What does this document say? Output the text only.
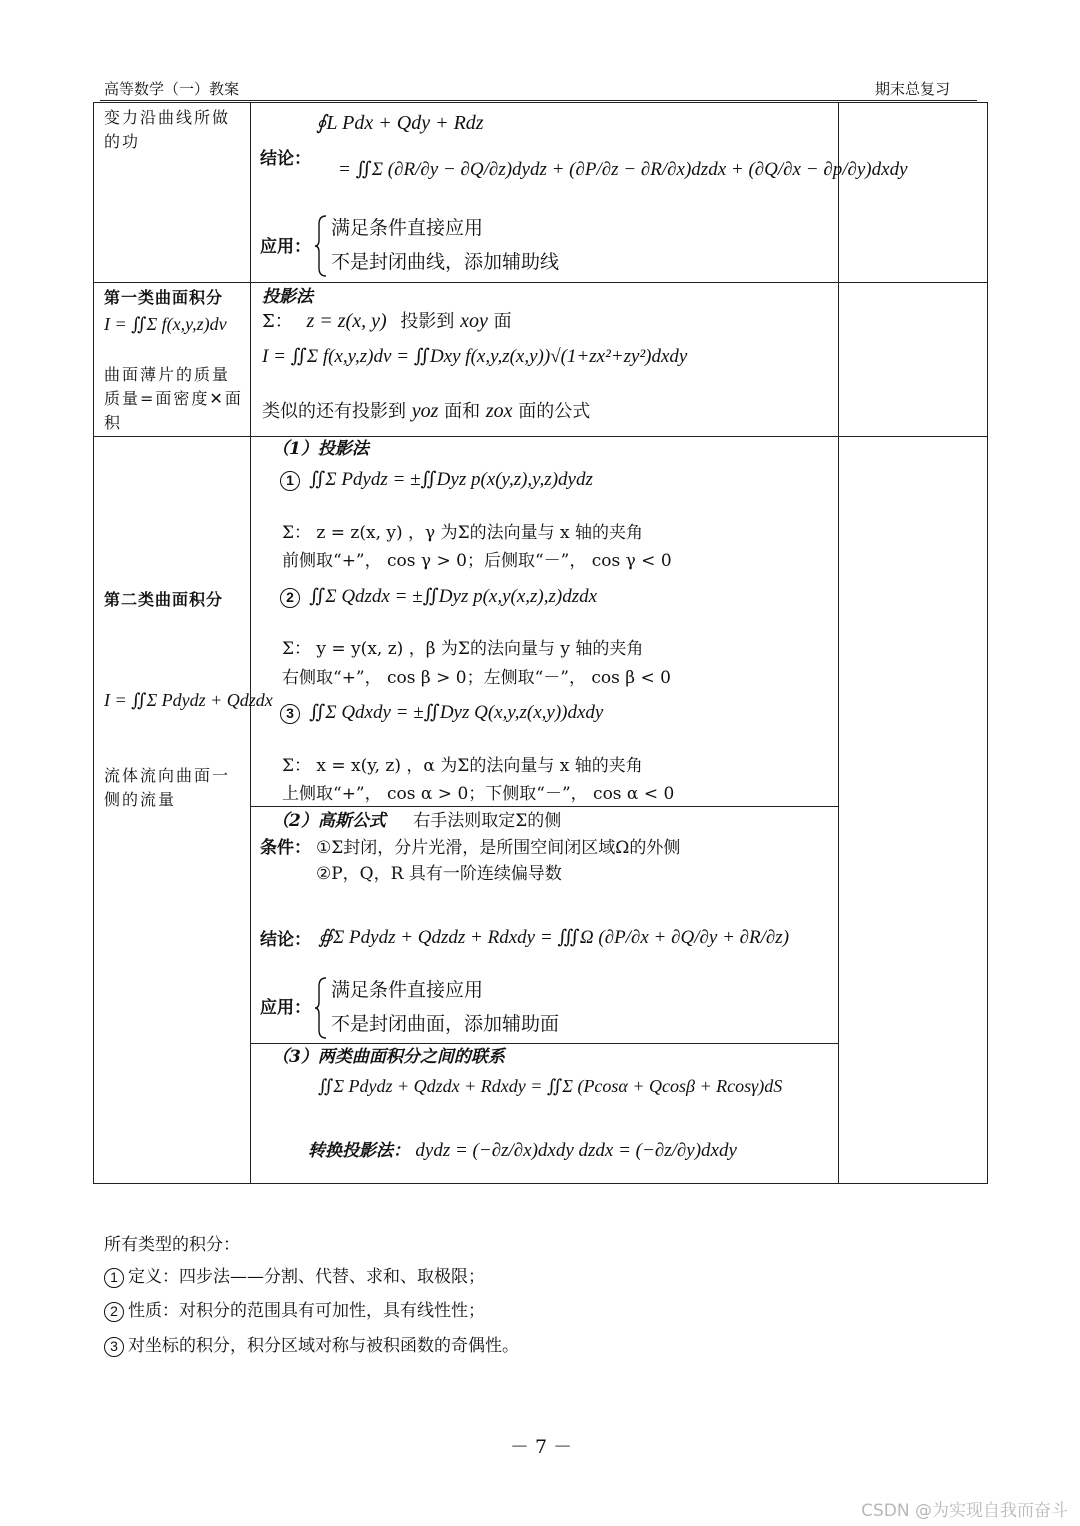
高等数学（一）教案	期末总复习
变力沿曲线所做的功
∮L Pdx + Qdy + Rdz
结论： = ∬Σ (∂R/∂y − ∂Q/∂z)dydz + (∂P/∂z − ∂R/∂x)dzdx + (∂Q/∂x − ∂p/∂y)dxdy
应用：
满足条件直接应用
不是封闭曲线，添加辅助线
第一类曲面积分
I = ∬Σ f(x,y,z)dv
曲面薄片的质量 质量=面密度✕面积
投影法
Σ： z = z(x, y) 投影到 xoy 面
I = ∬Σ f(x,y,z)dv = ∬Dxy f(x,y,z(x,y))√(1+zx²+zy²)dxdy
类似的还有投影到 yoz 面和 zox 面的公式
第二类曲面积分
I = ∬Σ Pdydz + Qdzdx
流体流向曲面一侧的流量
（1）投影法
1 ∬Σ Pdydz = ±∬Dyz p(x(y,z),y,z)dydz
Σ： z = z(x, y) ，γ 为Σ的法向量与 x 轴的夹角
前侧取“+”， cos γ > 0；后侧取“－”， cos γ < 0
2 ∬Σ Qdzdx = ±∬Dyz p(x,y(x,z),z)dzdx
Σ： y = y(x, z) ，β 为Σ的法向量与 y 轴的夹角
右侧取“+”， cos β > 0；左侧取“－”， cos β < 0
3 ∬Σ Qdxdy = ±∬Dyz Q(x,y,z(x,y))dxdy
Σ： x = x(y, z) ，α 为Σ的法向量与 x 轴的夹角
上侧取“+”， cos α > 0；下侧取“－”， cos α < 0
（2）高斯公式 右手法则取定Σ的侧
条件： ①Σ封闭，分片光滑，是所围空间闭区域Ω的外侧
②P，Q，R 具有一阶连续偏导数
结论： ∯Σ Pdydz + Qdzdz + Rdxdy = ∭Ω (∂P/∂x + ∂Q/∂y + ∂R/∂z)
应用：
满足条件直接应用
不是封闭曲面，添加辅助面
（3）两类曲面积分之间的联系
∬Σ Pdydz + Qdzdx + Rdxdy = ∬Σ (Pcosα + Qcosβ + Rcosγ)dS
转换投影法： dydz = (−∂z/∂x)dxdy dzdx = (−∂z/∂y)dxdy
所有类型的积分：
1 定义：四步法——分割、代替、求和、取极限；
2 性质：对积分的范围具有可加性，具有线性性；
3 对坐标的积分，积分区域对称与被积函数的奇偶性。
－ 7 －
CSDN @为实现自我而奋斗
